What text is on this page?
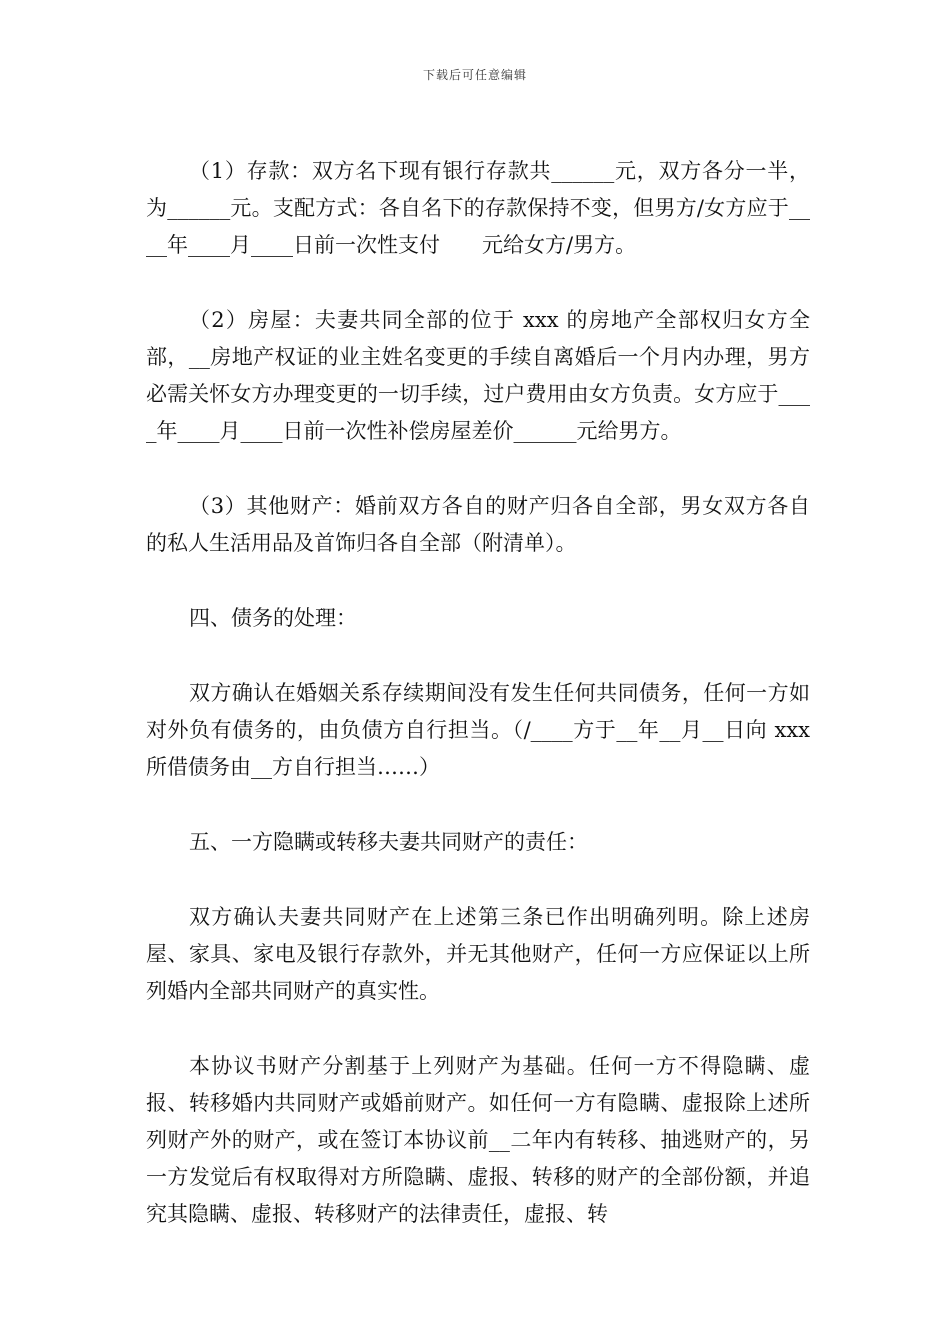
下载后可任意编辑

（1）存款：双方名下现有银行存款共______元，双方各分一半，为______元。支配方式：各自名下的存款保持不变，但男方/女方应于____年____月____日前一次性支付　　元给女方/男方。

（2）房屋：夫妻共同全部的位于 xxx 的房地产全部权归女方全部，__房地产权证的业主姓名变更的手续自离婚后一个月内办理，男方必需关怀女方办理变更的一切手续，过户费用由女方负责。女方应于____年____月____日前一次性补偿房屋差价______元给男方。

（3）其他财产：婚前双方各自的财产归各自全部，男女双方各自的私人生活用品及首饰归各自全部（附清单）。

四、债务的处理：

双方确认在婚姻关系存续期间没有发生任何共同债务，任何一方如对外负有债务的，由负债方自行担当。（/____方于__年__月__日向 xxx 所借债务由__方自行担当……）

五、一方隐瞒或转移夫妻共同财产的责任：

双方确认夫妻共同财产在上述第三条已作出明确列明。除上述房屋、家具、家电及银行存款外，并无其他财产，任何一方应保证以上所列婚内全部共同财产的真实性。

本协议书财产分割基于上列财产为基础。任何一方不得隐瞒、虚报、转移婚内共同财产或婚前财产。如任何一方有隐瞒、虚报除上述所列财产外的财产，或在签订本协议前__二年内有转移、抽逃财产的，另一方发觉后有权取得对方所隐瞒、虚报、转移的财产的全部份额，并追究其隐瞒、虚报、转移财产的法律责任，虚报、转
